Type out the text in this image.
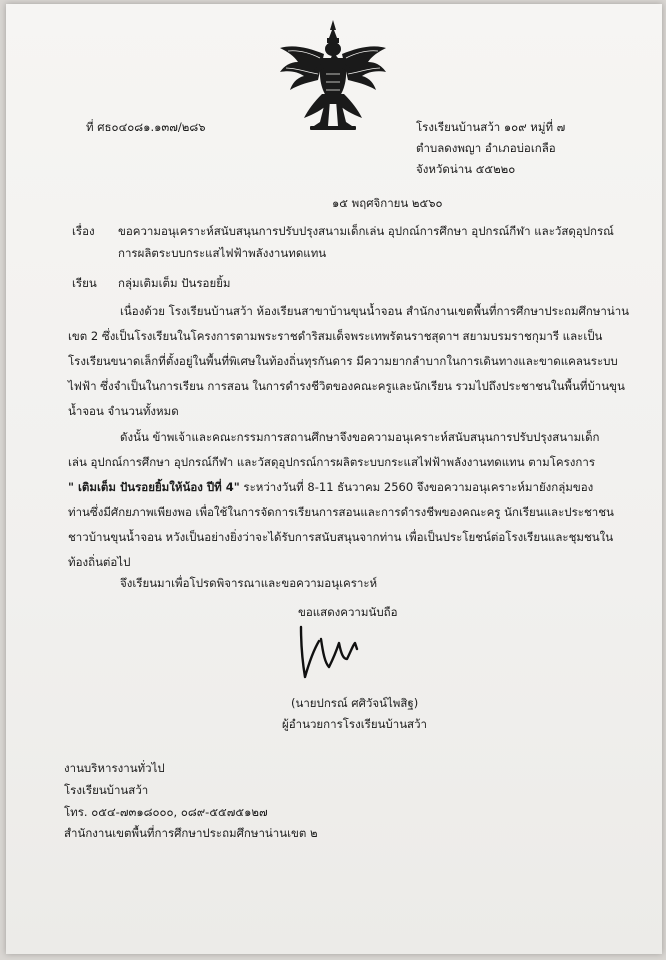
ที่ ศธ๐๔๐๘๑.๑๓๗/๒๘๖	โรงเรียนบ้านสว้า ๑๐๙ หมู่ที่ ๗
ตำบลดงพญา อำเภอบ่อเกลือ
จังหวัดน่าน ๕๕๒๒๐
๑๕ พฤศจิกายน ๒๕๖๐
เรื่อง ขอความอนุเคราะห์สนับสนุนการปรับปรุงสนามเด็กเล่น อุปกณ์การศึกษา อุปกรณ์กีฬา และวัสดุอุปกรณ์
การผลิตระบบกระแสไฟฟ้าพลังงานทดแทน
เรียน กลุ่มเติมเต็ม ปันรอยยิ้ม
เนื่องด้วย โรงเรียนบ้านสว้า ห้องเรียนสาขาบ้านขุนน้ำจอน สำนักงานเขตพื้นที่การศึกษาประถมศึกษาน่าน
เขต 2 ซึ่งเป็นโรงเรียนในโครงการตามพระราชดำริสมเด็จพระเทพรัตนราชสุดาฯ สยามบรมราชกุมารี และเป็น
โรงเรียนขนาดเล็กที่ตั้งอยู่ในพื้นที่พิเศษในท้องถิ่นทุรกันดาร มีความยากลำบากในการเดินทางและขาดแคลนระบบ
ไฟฟ้า ซึ่งจำเป็นในการเรียน การสอน ในการดำรงชีวิตของคณะครูและนักเรียน รวมไปถึงประชาชนในพื้นที่บ้านขุน
น้ำจอน จำนวนทั้งหมด
ดังนั้น ข้าพเจ้าและคณะกรรมการสถานศึกษาจึงขอความอนุเคราะห์สนับสนุนการปรับปรุงสนามเด็ก
เล่น อุปกณ์การศึกษา อุปกรณ์กีฬา และวัสดุอุปกรณ์การผลิตระบบกระแสไฟฟ้าพลังงานทดแทน ตามโครงการ
" เติมเต็ม ปันรอยยิ้มให้น้อง ปีที่ 4" ระหว่างวันที่ 8-11 ธันวาคม 2560 จึงขอความอนุเคราะห์มายังกลุ่มของ
ท่านซึ่งมีศักยภาพเพียงพอ เพื่อใช้ในการจัดการเรียนการสอนและการดำรงชีพของคณะครู นักเรียนและประชาชน
ชาวบ้านขุนน้ำจอน หวังเป็นอย่างยิ่งว่าจะได้รับการสนับสนุนจากท่าน เพื่อเป็นประโยชน์ต่อโรงเรียนและชุมชนใน
ท้องถิ่นต่อไป
จึงเรียนมาเพื่อโปรดพิจารณาและขอความอนุเคราะห์
ขอแสดงความนับถือ
(นายปกรณ์ ศศิวัจน์ไพสิฐ)
ผู้อำนวยการโรงเรียนบ้านสว้า
งานบริหารงานทั่วไป
โรงเรียนบ้านสว้า
โทร. ๐๕๔-๗๓๑๘๐๐๐, ๐๘๙-๕๕๗๕๑๒๗
สำนักงานเขตพื้นที่การศึกษาประถมศึกษาน่านเขต ๒
